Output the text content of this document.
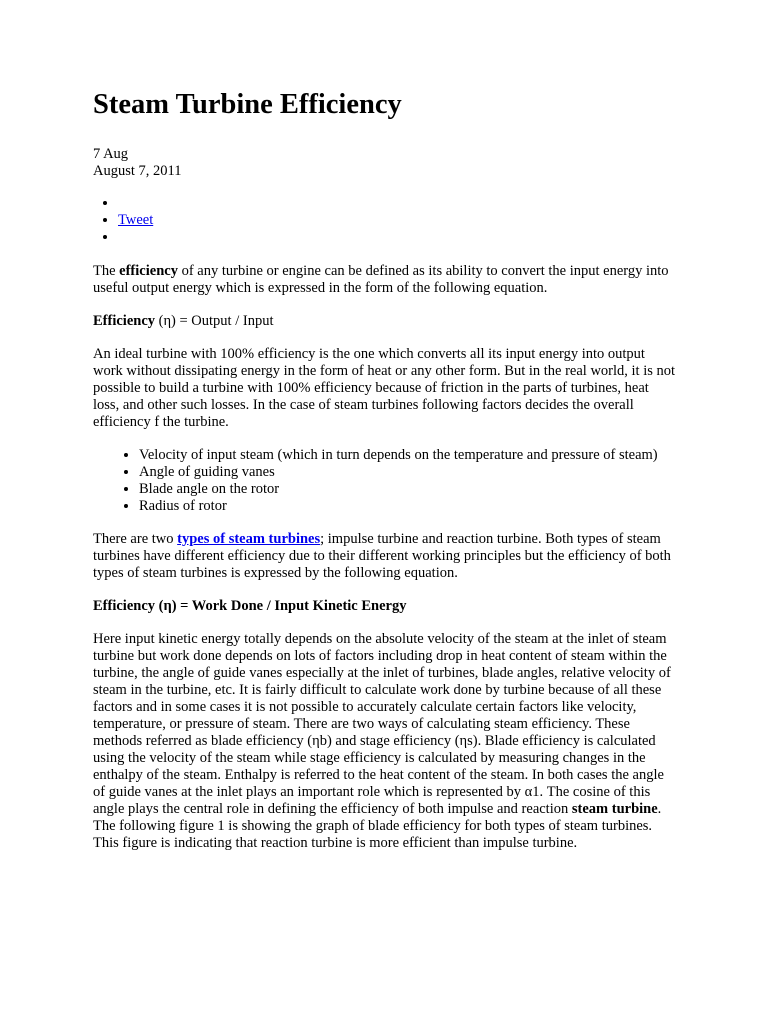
Steam Turbine Efficiency
7 Aug
August 7, 2011
•
• Tweet
•

The efficiency of any turbine or engine can be defined as its ability to convert the input energy into useful output energy which is expressed in the form of the following equation.

Efficiency (η) = Output / Input

An ideal turbine with 100% efficiency is the one which converts all its input energy into output work without dissipating energy in the form of heat or any other form. But in the real world, it is not possible to build a turbine with 100% efficiency because of friction in the parts of turbines, heat loss, and other such losses. In the case of steam turbines following factors decides the overall efficiency f the turbine.

• Velocity of input steam (which in turn depends on the temperature and pressure of steam)
• Angle of guiding vanes
• Blade angle on the rotor
• Radius of rotor

There are two types of steam turbines; impulse turbine and reaction turbine. Both types of steam turbines have different efficiency due to their different working principles but the efficiency of both types of steam turbines is expressed by the following equation.

Efficiency (η) = Work Done / Input Kinetic Energy

Here input kinetic energy totally depends on the absolute velocity of the steam at the inlet of steam turbine but work done depends on lots of factors including drop in heat content of steam within the turbine, the angle of guide vanes especially at the inlet of turbines, blade angles, relative velocity of steam in the turbine, etc. It is fairly difficult to calculate work done by turbine because of all these factors and in some cases it is not possible to accurately calculate certain factors like velocity, temperature, or pressure of steam. There are two ways of calculating steam efficiency. These methods referred as blade efficiency (ηb) and stage efficiency (ηs). Blade efficiency is calculated using the velocity of the steam while stage efficiency is calculated by measuring changes in the enthalpy of the steam. Enthalpy is referred to the heat content of the steam. In both cases the angle of guide vanes at the inlet plays an important role which is represented by α1. The cosine of this angle plays the central role in defining the efficiency of both impulse and reaction steam turbine. The following figure 1 is showing the graph of blade efficiency for both types of steam turbines. This figure is indicating that reaction turbine is more efficient than impulse turbine.
